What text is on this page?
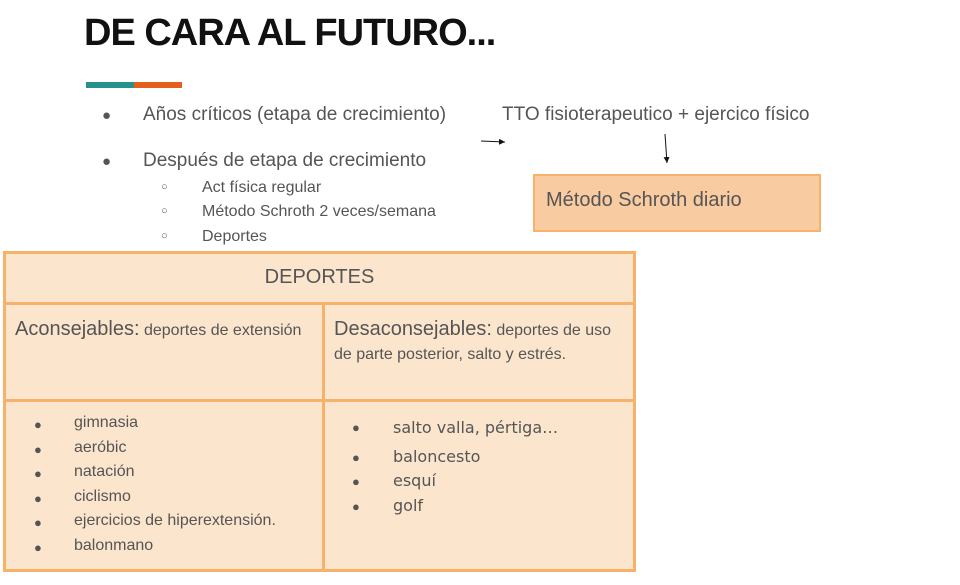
DE CARA AL FUTURO...
● Años críticos (etapa de crecimiento)	TTO fisioterapeutico + ejercico físico
● Después de etapa de crecimiento
○ Act física regular
○ Método Schroth 2 veces/semana
○ Deportes
Método Schroth diario
DEPORTES
Aconsejables: deportes de extensión	Desaconsejables: deportes de uso de parte posterior, salto y estrés.
● gimnasia
● aeróbic
● natación
● ciclismo
● ejercicios de hiperextensión.
● balonmano
● salto valla, pértiga…
● baloncesto
● esquí
● golf
